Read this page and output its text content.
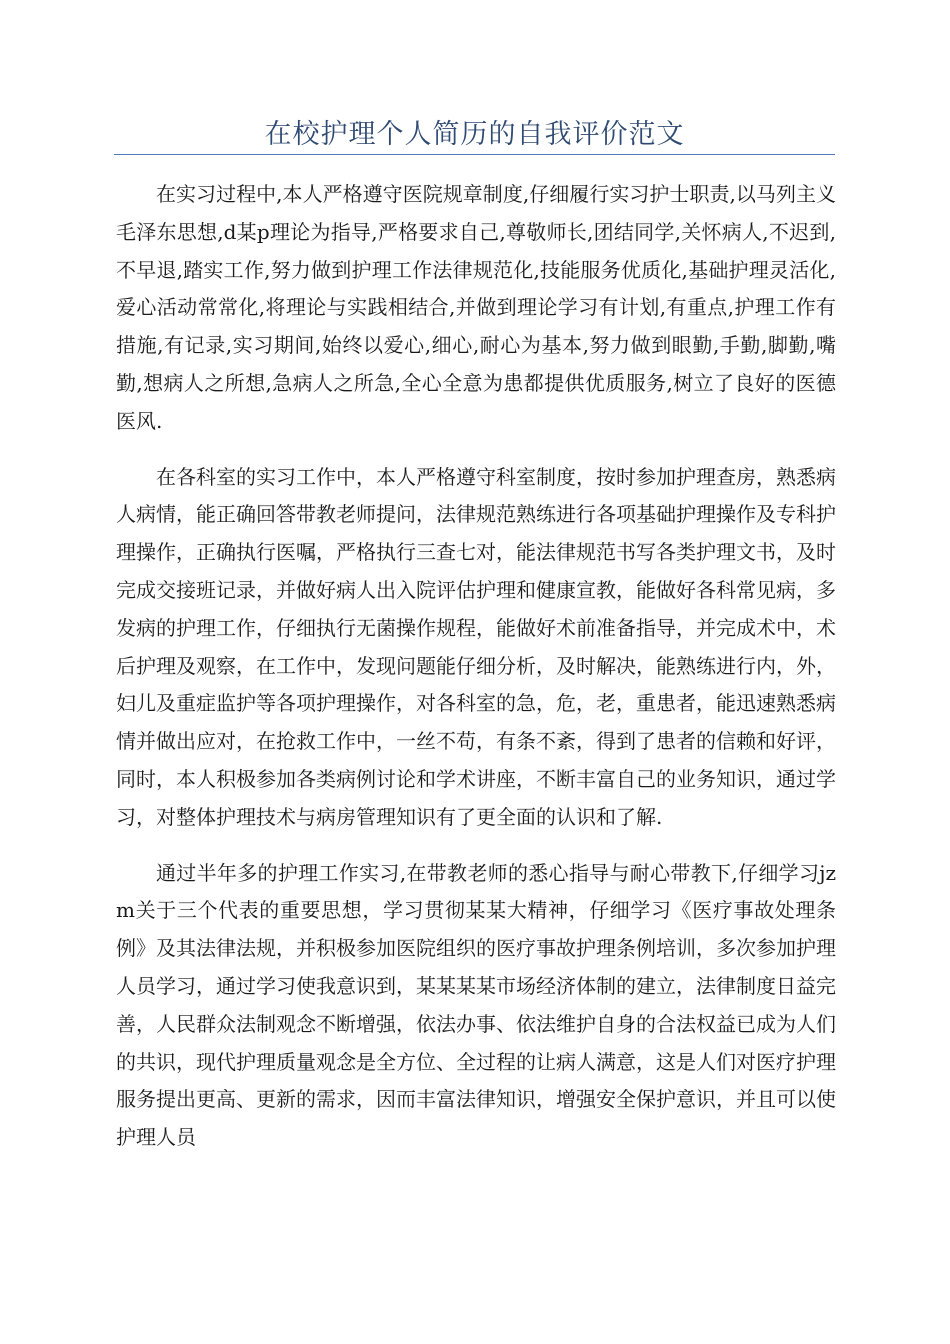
在校护理个人简历的自我评价范文

在实习过程中,本人严格遵守医院规章制度,仔细履行实习护士职责,以马列主义毛泽东思想,d某p理论为指导,严格要求自己,尊敬师长,团结同学,关怀病人,不迟到,不早退,踏实工作,努力做到护理工作法律规范化,技能服务优质化,基础护理灵活化,爱心活动常常化,将理论与实践相结合,并做到理论学习有计划,有重点,护理工作有措施,有记录,实习期间,始终以爱心,细心,耐心为基本,努力做到眼勤,手勤,脚勤,嘴勤,想病人之所想,急病人之所急,全心全意为患都提供优质服务,树立了良好的医德医风.

在各科室的实习工作中，本人严格遵守科室制度，按时参加护理查房，熟悉病人病情，能正确回答带教老师提问，法律规范熟练进行各项基础护理操作及专科护理操作，正确执行医嘱，严格执行三查七对，能法律规范书写各类护理文书，及时完成交接班记录，并做好病人出入院评估护理和健康宣教，能做好各科常见病，多发病的护理工作，仔细执行无菌操作规程，能做好术前准备指导，并完成术中，术后护理及观察，在工作中，发现问题能仔细分析，及时解决，能熟练进行内，外，妇儿及重症监护等各项护理操作，对各科室的急，危，老，重患者，能迅速熟悉病情并做出应对，在抢救工作中，一丝不苟，有条不紊，得到了患者的信赖和好评，同时，本人积极参加各类病例讨论和学术讲座，不断丰富自己的业务知识，通过学习，对整体护理技术与病房管理知识有了更全面的认识和了解.

通过半年多的护理工作实习,在带教老师的悉心指导与耐心带教下,仔细学习jzm关于三个代表的重要思想，学习贯彻某某大精神，仔细学习《医疗事故处理条例》及其法律法规，并积极参加医院组织的医疗事故护理条例培训，多次参加护理人员学习，通过学习使我意识到，某某某某市场经济体制的建立，法律制度日益完善，人民群众法制观念不断增强，依法办事、依法维护自身的合法权益已成为人们的共识，现代护理质量观念是全方位、全过程的让病人满意，这是人们对医疗护理服务提出更高、更新的需求，因而丰富法律知识，增强安全保护意识，并且可以使护理人员
